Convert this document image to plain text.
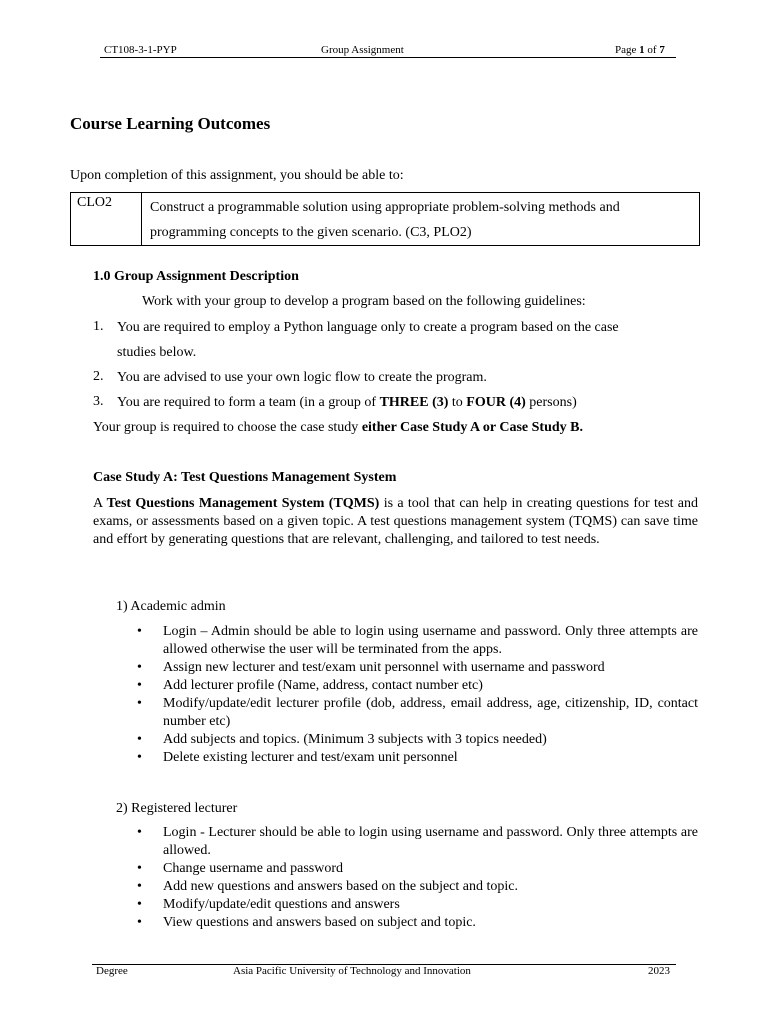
CT108-3-1-PYP	Group Assignment	Page 1 of 7
Course Learning Outcomes
Upon completion of this assignment, you should be able to:
CLO2	Construct a programmable solution using appropriate problem-solving methods and programming concepts to the given scenario. (C3, PLO2)
1.0 Group Assignment Description
Work with your group to develop a program based on the following guidelines:
1. You are required to employ a Python language only to create a program based on the case
studies below.
2. You are advised to use your own logic flow to create the program.
3. You are required to form a team (in a group of THREE (3) to FOUR (4) persons)
Your group is required to choose the case study either Case Study A or Case Study B.
Case Study A: Test Questions Management System
A Test Questions Management System (TQMS) is a tool that can help in creating questions for test and exams, or assessments based on a given topic. A test questions management system (TQMS) can save time and effort by generating questions that are relevant, challenging, and tailored to test needs.
1) Academic admin
• Login – Admin should be able to login using username and password. Only three attempts are allowed otherwise the user will be terminated from the apps.
• Assign new lecturer and test/exam unit personnel with username and password
• Add lecturer profile (Name, address, contact number etc)
• Modify/update/edit lecturer profile (dob, address, email address, age, citizenship, ID, contact number etc)
• Add subjects and topics. (Minimum 3 subjects with 3 topics needed)
• Delete existing lecturer and test/exam unit personnel
2) Registered lecturer
• Login - Lecturer should be able to login using username and password. Only three attempts are allowed.
• Change username and password
• Add new questions and answers based on the subject and topic.
• Modify/update/edit questions and answers
• View questions and answers based on subject and topic.
Degree	Asia Pacific University of Technology and Innovation	2023
